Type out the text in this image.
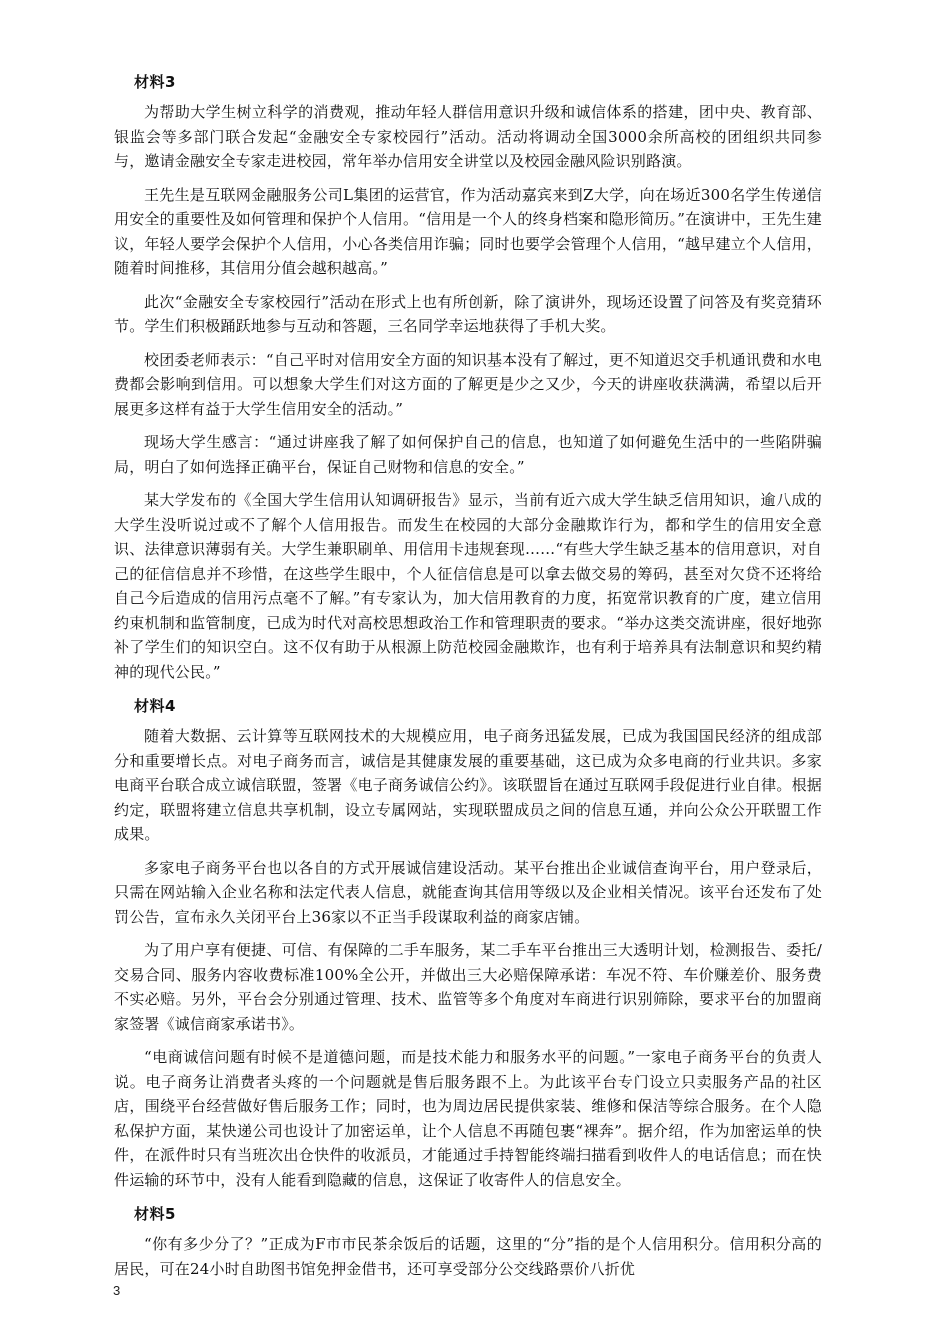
材料3

为帮助大学生树立科学的消费观，推动年轻人群信用意识升级和诚信体系的搭建，团中央、教育部、银监会等多部门联合发起“金融安全专家校园行”活动。活动将调动全国3000余所高校的团组织共同参与，邀请金融安全专家走进校园，常年举办信用安全讲堂以及校园金融风险识别路演。

王先生是互联网金融服务公司L集团的运营官，作为活动嘉宾来到Z大学，向在场近300名学生传递信用安全的重要性及如何管理和保护个人信用。“信用是一个人的终身档案和隐形简历。”在演讲中，王先生建议，年轻人要学会保护个人信用，小心各类信用诈骗；同时也要学会管理个人信用，“越早建立个人信用，随着时间推移，其信用分值会越积越高。”

此次“金融安全专家校园行”活动在形式上也有所创新，除了演讲外，现场还设置了问答及有奖竞猜环节。学生们积极踊跃地参与互动和答题，三名同学幸运地获得了手机大奖。

校团委老师表示：“自己平时对信用安全方面的知识基本没有了解过，更不知道迟交手机通讯费和水电费都会影响到信用。可以想象大学生们对这方面的了解更是少之又少，今天的讲座收获满满，希望以后开展更多这样有益于大学生信用安全的活动。”

现场大学生感言：“通过讲座我了解了如何保护自己的信息，也知道了如何避免生活中的一些陷阱骗局，明白了如何选择正确平台，保证自己财物和信息的安全。”

某大学发布的《全国大学生信用认知调研报告》显示，当前有近六成大学生缺乏信用知识，逾八成的大学生没听说过或不了解个人信用报告。而发生在校园的大部分金融欺诈行为，都和学生的信用安全意识、法律意识薄弱有关。大学生兼职刷单、用信用卡违规套现……“有些大学生缺乏基本的信用意识，对自己的征信信息并不珍惜，在这些学生眼中，个人征信信息是可以拿去做交易的筹码，甚至对欠贷不还将给自己今后造成的信用污点毫不了解。”有专家认为，加大信用教育的力度，拓宽常识教育的广度，建立信用约束机制和监管制度，已成为时代对高校思想政治工作和管理职责的要求。“举办这类交流讲座，很好地弥补了学生们的知识空白。这不仅有助于从根源上防范校园金融欺诈，也有利于培养具有法制意识和契约精神的现代公民。”

材料4

随着大数据、云计算等互联网技术的大规模应用，电子商务迅猛发展，已成为我国国民经济的组成部分和重要增长点。对电子商务而言，诚信是其健康发展的重要基础，这已成为众多电商的行业共识。多家电商平台联合成立诚信联盟，签署《电子商务诚信公约》。该联盟旨在通过互联网手段促进行业自律。根据约定，联盟将建立信息共享机制，设立专属网站，实现联盟成员之间的信息互通，并向公众公开联盟工作成果。

多家电子商务平台也以各自的方式开展诚信建设活动。某平台推出企业诚信查询平台，用户登录后，只需在网站输入企业名称和法定代表人信息，就能查询其信用等级以及企业相关情况。该平台还发布了处罚公告，宣布永久关闭平台上36家以不正当手段谋取利益的商家店铺。

为了用户享有便捷、可信、有保障的二手车服务，某二手车平台推出三大透明计划，检测报告、委托/交易合同、服务内容收费标准100%全公开，并做出三大必赔保障承诺：车况不符、车价赚差价、服务费不实必赔。另外，平台会分别通过管理、技术、监管等多个角度对车商进行识别筛除，要求平台的加盟商家签署《诚信商家承诺书》。

“电商诚信问题有时候不是道德问题，而是技术能力和服务水平的问题。”一家电子商务平台的负责人说。电子商务让消费者头疼的一个问题就是售后服务跟不上。为此该平台专门设立只卖服务产品的社区店，围绕平台经营做好售后服务工作；同时，也为周边居民提供家装、维修和保洁等综合服务。在个人隐私保护方面，某快递公司也设计了加密运单，让个人信息不再随包裹“裸奔”。据介绍，作为加密运单的快件，在派件时只有当班次出仓快件的收派员，才能通过手持智能终端扫描看到收件人的电话信息；而在快件运输的环节中，没有人能看到隐藏的信息，这保证了收寄件人的信息安全。

材料5

“你有多少分了？”正成为F市市民茶余饭后的话题，这里的“分”指的是个人信用积分。信用积分高的居民，可在24小时自助图书馆免押金借书，还可享受部分公交线路票价八折优

3
